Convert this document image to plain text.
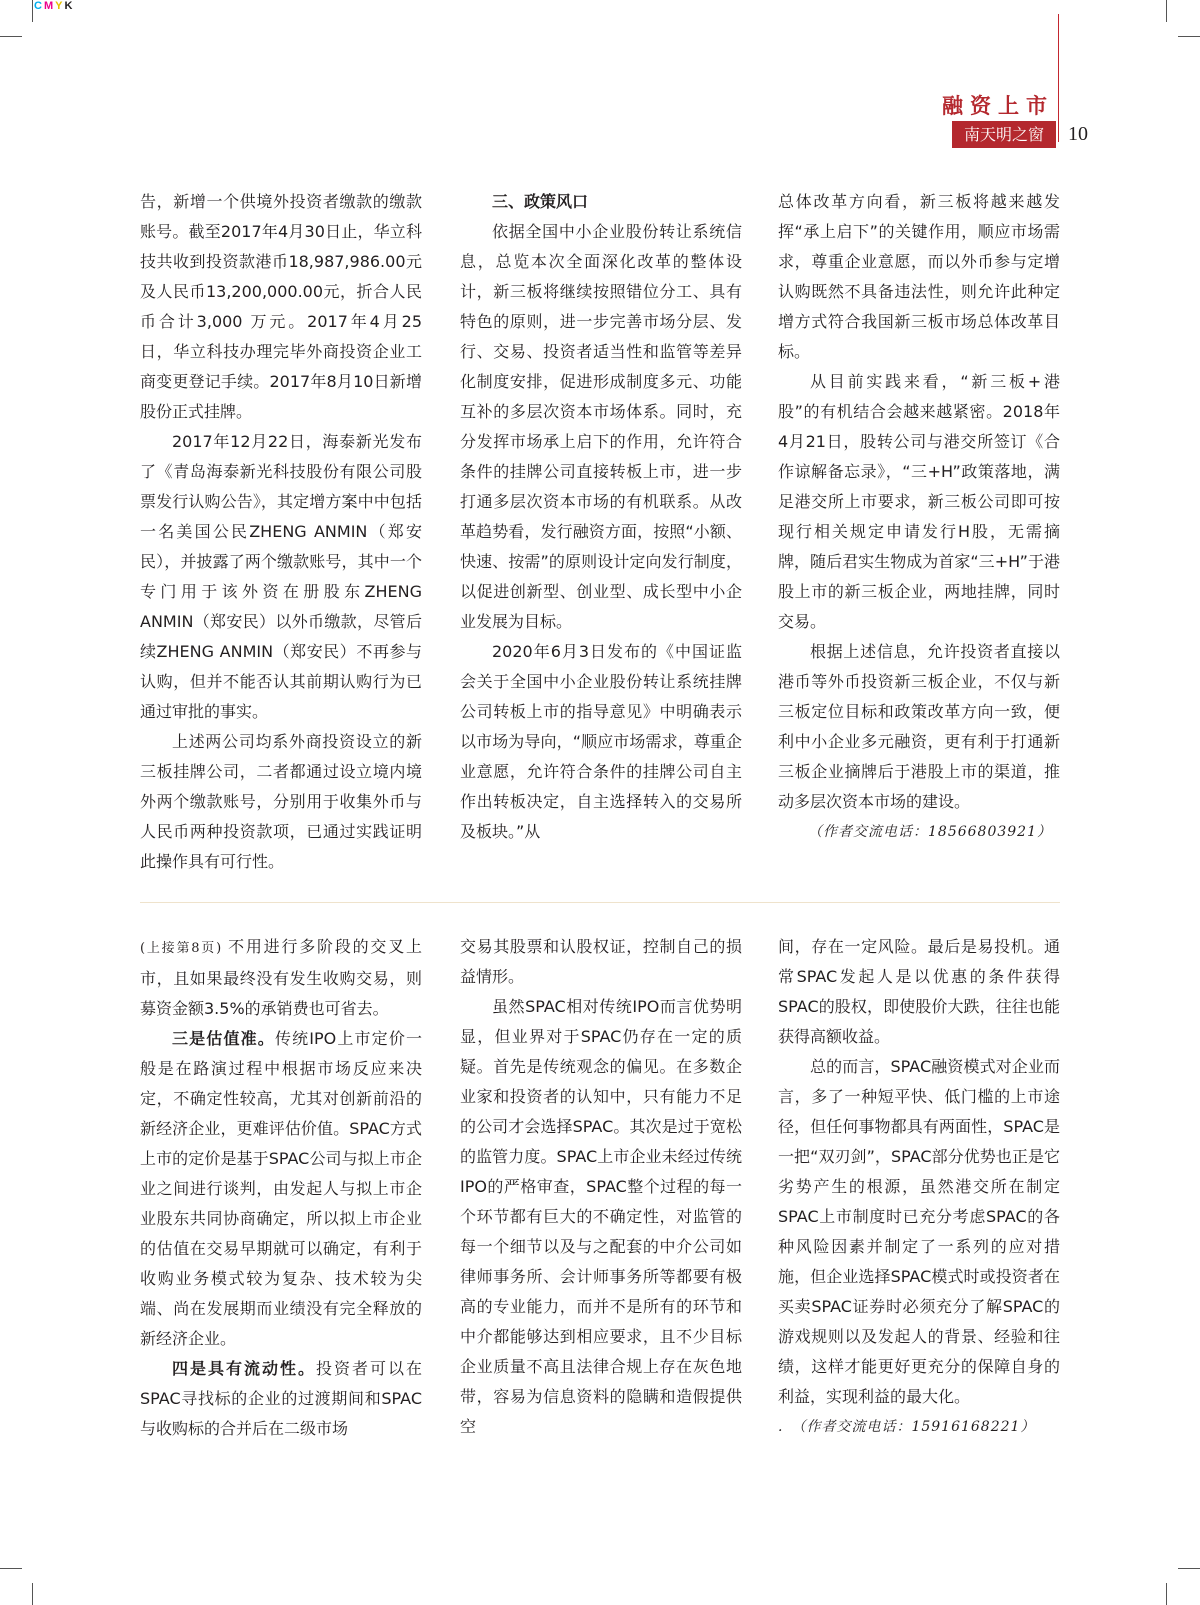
CMYK
融资上市
南天明之窗	10

告，新增一个供境外投资者缴款的缴款账号。截至2017年4月30日止，华立科技共收到投资款港币18,987,986.00元及人民币13,200,000.00元，折合人民币合计3,000 万元。2017年4月25日，华立科技办理完毕外商投资企业工商变更登记手续。2017年8月10日新增股份正式挂牌。

2017年12月22日，海泰新光发布了《青岛海泰新光科技股份有限公司股票发行认购公告》，其定增方案中中包括一名美国公民ZHENG ANMIN（郑安民），并披露了两个缴款账号，其中一个专门用于该外资在册股东ZHENG ANMIN（郑安民）以外币缴款，尽管后续ZHENG ANMIN（郑安民）不再参与认购，但并不能否认其前期认购行为已通过审批的事实。

上述两公司均系外商投资设立的新三板挂牌公司，二者都通过设立境内境外两个缴款账号，分别用于收集外币与人民币两种投资款项，已通过实践证明此操作具有可行性。

三、政策风口

依据全国中小企业股份转让系统信息，总览本次全面深化改革的整体设计，新三板将继续按照错位分工、具有特色的原则，进一步完善市场分层、发行、交易、投资者适当性和监管等差异化制度安排，促进形成制度多元、功能互补的多层次资本市场体系。同时，充分发挥市场承上启下的作用，允许符合条件的挂牌公司直接转板上市，进一步打通多层次资本市场的有机联系。从改革趋势看，发行融资方面，按照“小额、快速、按需”的原则设计定向发行制度，以促进创新型、创业型、成长型中小企业发展为目标。

2020年6月3日发布的《中国证监会关于全国中小企业股份转让系统挂牌公司转板上市的指导意见》中明确表示以市场为导向，“顺应市场需求，尊重企业意愿，允许符合条件的挂牌公司自主作出转板决定，自主选择转入的交易所及板块。”从

总体改革方向看，新三板将越来越发挥“承上启下”的关键作用，顺应市场需求，尊重企业意愿，而以外币参与定增认购既然不具备违法性，则允许此种定增方式符合我国新三板市场总体改革目标。

从目前实践来看，“新三板+港股”的有机结合会越来越紧密。2018年4月21日，股转公司与港交所签订《合作谅解备忘录》，“三+H”政策落地，满足港交所上市要求，新三板公司即可按现行相关规定申请发行H股，无需摘牌，随后君实生物成为首家“三+H”于港股上市的新三板企业，两地挂牌，同时交易。

根据上述信息，允许投资者直接以港币等外币投资新三板企业，不仅与新三板定位目标和政策改革方向一致，便利中小企业多元融资，更有利于打通新三板企业摘牌后于港股上市的渠道，推动多层次资本市场的建设。

（作者交流电话：18566803921）

(上接第8页) 不用进行多阶段的交叉上市，且如果最终没有发生收购交易，则募资金额3.5%的承销费也可省去。

三是估值准。传统IPO上市定价一般是在路演过程中根据市场反应来决定，不确定性较高，尤其对创新前沿的新经济企业，更难评估价值。SPAC方式上市的定价是基于SPAC公司与拟上市企业之间进行谈判，由发起人与拟上市企业股东共同协商确定，所以拟上市企业的估值在交易早期就可以确定，有利于收购业务模式较为复杂、技术较为尖端、尚在发展期而业绩没有完全释放的新经济企业。

四是具有流动性。投资者可以在SPAC寻找标的企业的过渡期间和SPAC与收购标的合并后在二级市场

交易其股票和认股权证，控制自己的损益情形。

虽然SPAC相对传统IPO而言优势明显，但业界对于SPAC仍存在一定的质疑。首先是传统观念的偏见。在多数企业家和投资者的认知中，只有能力不足的公司才会选择SPAC。其次是过于宽松的监管力度。SPAC上市企业未经过传统IPO的严格审查，SPAC整个过程的每一个环节都有巨大的不确定性，对监管的每一个细节以及与之配套的中介公司如律师事务所、会计师事务所等都要有极高的专业能力，而并不是所有的环节和中介都能够达到相应要求，且不少目标企业质量不高且法律合规上存在灰色地带，容易为信息资料的隐瞒和造假提供空

间，存在一定风险。最后是易投机。通常SPAC发起人是以优惠的条件获得SPAC的股权，即使股价大跌，往往也能获得高额收益。

总的而言，SPAC融资模式对企业而言，多了一种短平快、低门槛的上市途径，但任何事物都具有两面性，SPAC是一把“双刃剑”，SPAC部分优势也正是它劣势产生的根源，虽然港交所在制定SPAC上市制度时已充分考虑SPAC的各种风险因素并制定了一系列的应对措施，但企业选择SPAC模式时或投资者在买卖SPAC证券时必须充分了解SPAC的游戏规则以及发起人的背景、经验和往绩，这样才能更好更充分的保障自身的利益，实现利益的最大化。

.　（作者交流电话：15916168221）
